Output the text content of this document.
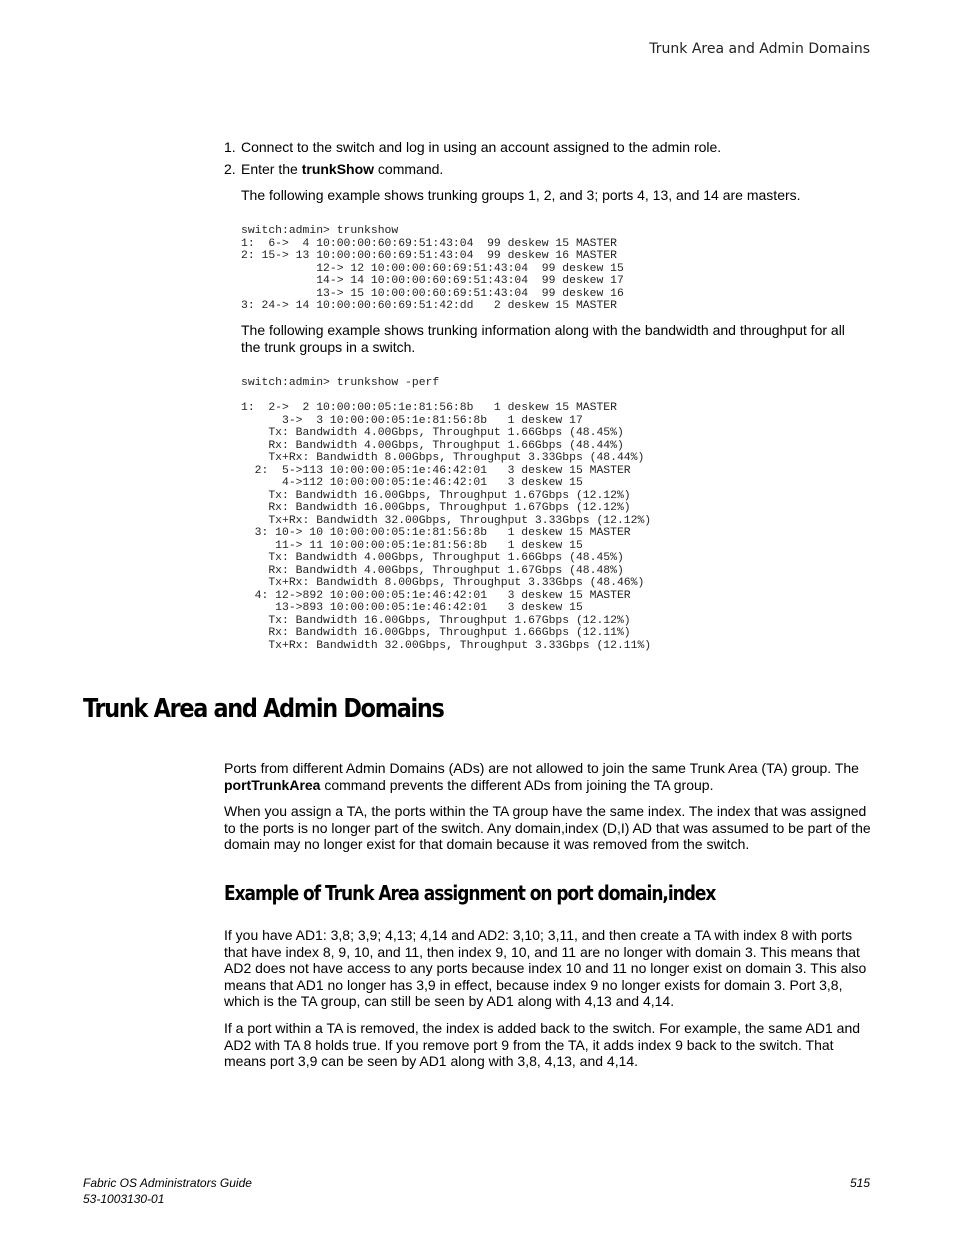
Trunk Area and Admin Domains
1. Connect to the switch and log in using an account assigned to the admin role.
2. Enter the trunkShow command.
The following example shows trunking groups 1, 2, and 3; ports 4, 13, and 14 are masters.
switch:admin> trunkshow
1:  6->  4 10:00:00:60:69:51:43:04  99 deskew 15 MASTER
2: 15-> 13 10:00:00:60:69:51:43:04  99 deskew 16 MASTER
12-> 12 10:00:00:60:69:51:43:04  99 deskew 15
14-> 14 10:00:00:60:69:51:43:04  99 deskew 17
13-> 15 10:00:00:60:69:51:43:04  99 deskew 16
3: 24-> 14 10:00:00:60:69:51:42:dd   2 deskew 15 MASTER
The following example shows trunking information along with the bandwidth and throughput for all the trunk groups in a switch.
switch:admin> trunkshow -perf

1:  2->  2 10:00:00:05:1e:81:56:8b   1 deskew 15 MASTER
3->  3 10:00:00:05:1e:81:56:8b   1 deskew 17
Tx: Bandwidth 4.00Gbps, Throughput 1.66Gbps (48.45%)
Rx: Bandwidth 4.00Gbps, Throughput 1.66Gbps (48.44%)
Tx+Rx: Bandwidth 8.00Gbps, Throughput 3.33Gbps (48.44%)
2:  5->113 10:00:00:05:1e:46:42:01   3 deskew 15 MASTER
4->112 10:00:00:05:1e:46:42:01   3 deskew 15
Tx: Bandwidth 16.00Gbps, Throughput 1.67Gbps (12.12%)
Rx: Bandwidth 16.00Gbps, Throughput 1.67Gbps (12.12%)
Tx+Rx: Bandwidth 32.00Gbps, Throughput 3.33Gbps (12.12%)
3: 10-> 10 10:00:00:05:1e:81:56:8b   1 deskew 15 MASTER
11-> 11 10:00:00:05:1e:81:56:8b   1 deskew 15
Tx: Bandwidth 4.00Gbps, Throughput 1.66Gbps (48.45%)
Rx: Bandwidth 4.00Gbps, Throughput 1.67Gbps (48.48%)
Tx+Rx: Bandwidth 8.00Gbps, Throughput 3.33Gbps (48.46%)
4: 12->892 10:00:00:05:1e:46:42:01   3 deskew 15 MASTER
13->893 10:00:00:05:1e:46:42:01   3 deskew 15
Tx: Bandwidth 16.00Gbps, Throughput 1.67Gbps (12.12%)
Rx: Bandwidth 16.00Gbps, Throughput 1.66Gbps (12.11%)
Tx+Rx: Bandwidth 32.00Gbps, Throughput 3.33Gbps (12.11%)
Trunk Area and Admin Domains
Ports from different Admin Domains (ADs) are not allowed to join the same Trunk Area (TA) group. The portTrunkArea command prevents the different ADs from joining the TA group.
When you assign a TA, the ports within the TA group have the same index. The index that was assigned to the ports is no longer part of the switch. Any domain,index (D,I) AD that was assumed to be part of the domain may no longer exist for that domain because it was removed from the switch.
Example of Trunk Area assignment on port domain,index
If you have AD1: 3,8; 3,9; 4,13; 4,14 and AD2: 3,10; 3,11, and then create a TA with index 8 with ports that have index 8, 9, 10, and 11, then index 9, 10, and 11 are no longer with domain 3. This means that AD2 does not have access to any ports because index 10 and 11 no longer exist on domain 3. This also means that AD1 no longer has 3,9 in effect, because index 9 no longer exists for domain 3. Port 3,8, which is the TA group, can still be seen by AD1 along with 4,13 and 4,14.
If a port within a TA is removed, the index is added back to the switch. For example, the same AD1 and AD2 with TA 8 holds true. If you remove port 9 from the TA, it adds index 9 back to the switch. That means port 3,9 can be seen by AD1 along with 3,8, 4,13, and 4,14.
Fabric OS Administrators Guide
53-1003130-01
515
